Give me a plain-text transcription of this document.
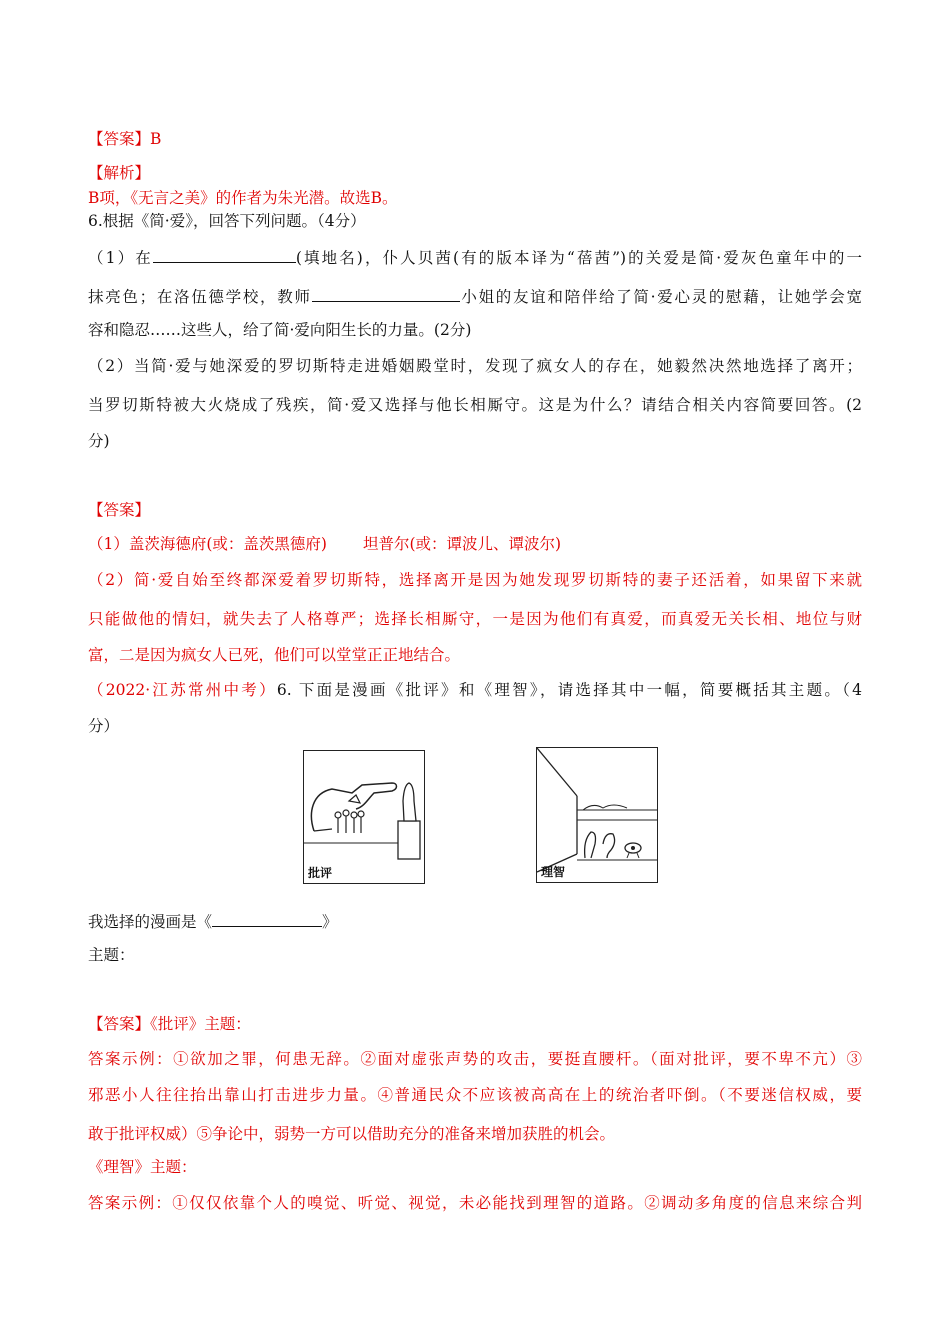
【答案】B
【解析】
B项，《无言之美》的作者为朱光潜。故选B。
6.根据《简·爱》，回答下列问题。（4分）
（1）在	(填地名)，仆人贝茜(有的版本译为“蓓茜”)的关爱是简·爱灰色童年中的一
抹亮色；在洛伍德学校，教师	小姐的友谊和陪伴给了简·爱心灵的慰藉，让她学会宽
容和隐忍……这些人，给了简·爱向阳生长的力量。(2分)
（2）当简·爱与她深爱的罗切斯特走进婚姻殿堂时，发现了疯女人的存在，她毅然决然地选择了离开；
当罗切斯特被大火烧成了残疾，简·爱又选择与他长相厮守。这是为什么？请结合相关内容简要回答。(2
分)
【答案】
（1）盖茨海德府(或：盖茨黑德府) 坦普尔(或：谭波儿、谭波尔)
（2）简·爱自始至终都深爱着罗切斯特，选择离开是因为她发现罗切斯特的妻子还活着，如果留下来就
只能做他的情妇，就失去了人格尊严；选择长相厮守，一是因为他们有真爱，而真爱无关长相、地位与财
富，二是因为疯女人已死，他们可以堂堂正正地结合。
（2022·江苏常州中考）6. 下面是漫画《批评》和《理智》，请选择其中一幅，简要概括其主题。（4
分）
批评	理智
我选择的漫画是《	》
主题：
【答案】《批评》主题：
答案示例：①欲加之罪，何患无辞。②面对虚张声势的攻击，要挺直腰杆。（面对批评，要不卑不亢）③
邪恶小人往往抬出靠山打击进步力量。④普通民众不应该被高高在上的统治者吓倒。（不要迷信权威，要
敢于批评权威）⑤争论中，弱势一方可以借助充分的准备来增加获胜的机会。
《理智》主题：
答案示例：①仅仅依靠个人的嗅觉、听觉、视觉，未必能找到理智的道路。②调动多角度的信息来综合判
